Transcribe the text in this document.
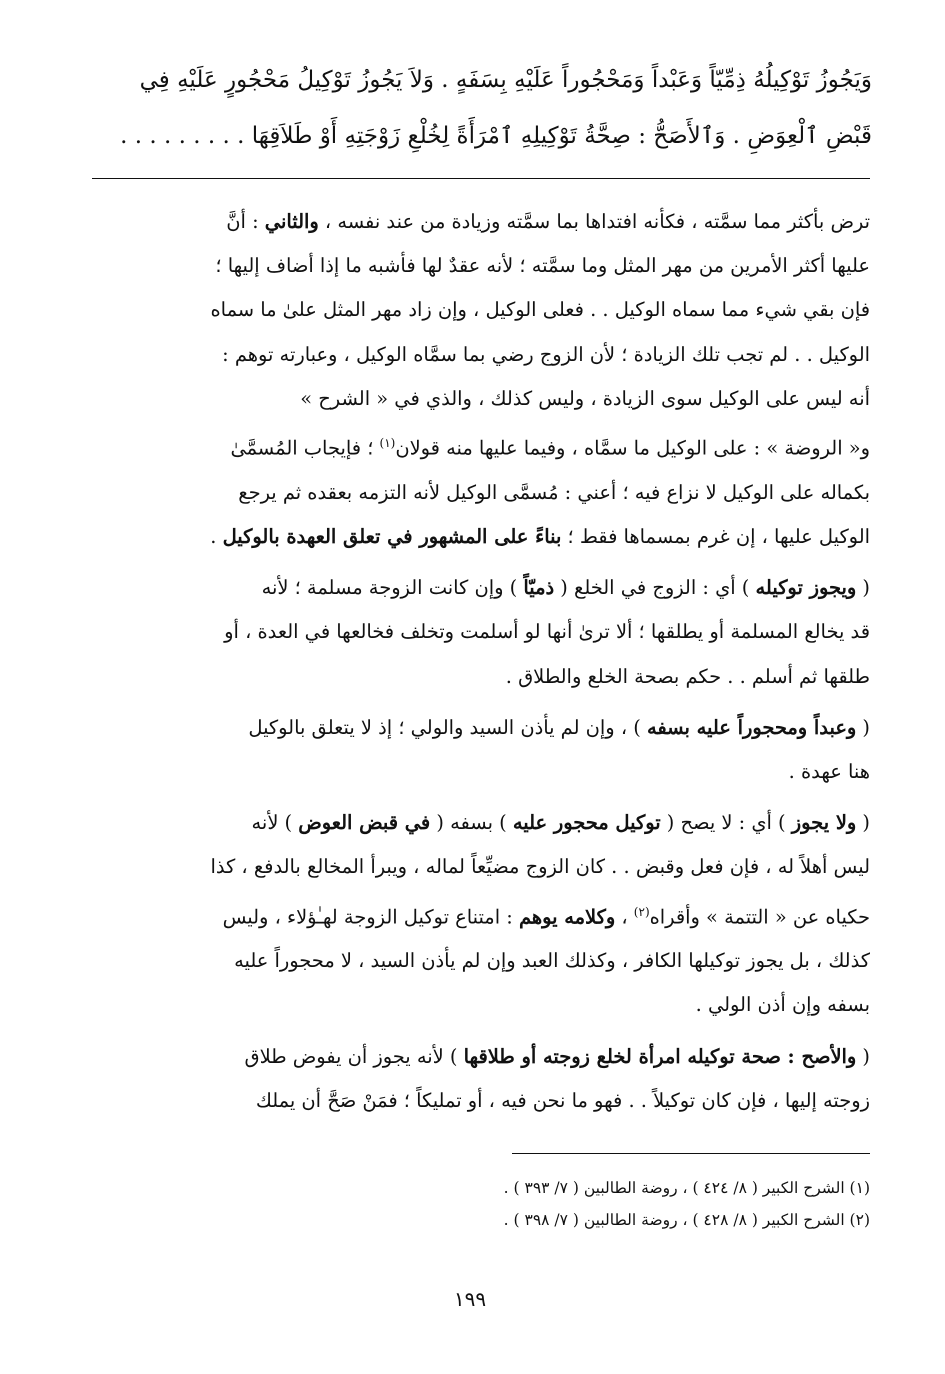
وَيَجُوزُ تَوْكِيلُهُ ذِمِّيّاً وَعَبْداً وَمَحْجُوراً عَلَيْهِ بِسَفَهٍ . وَلاَ يَجُوزُ تَوْكِيلُ مَحْجُورٍ عَلَيْهِ فِي
قَبْضِ ٱلْعِوَضِ . وَٱلأَصَحُّ : صِحَّةُ تَوْكِيلِهِ ٱمْرَأَةً لِخُلْعِ زَوْجَتِهِ أَوْ طَلاَقِهَا . . . . . . . . .
ترض بأكثر مما سمَّته ، فكأنه افتداها بما سمَّته وزيادة من عند نفسه ، والثاني : أنَّ
عليها أكثر الأمرين من مهر المثل وما سمَّته ؛ لأنه عقدٌ لها فأشبه ما إذا أضاف إليها ؛
فإن بقي شيء مما سماه الوكيل . . فعلى الوكيل ، وإن زاد مهر المثل علىٰ ما سماه
الوكيل . . لم تجب تلك الزيادة ؛ لأن الزوج رضي بما سمَّاه الوكيل ، وعبارته توهم :
أنه ليس على الوكيل سوى الزيادة ، وليس كذلك ، والذي في « الشرح »
و« الروضة » : على الوكيل ما سمَّاه ، وفيما عليها منه قولان$^{(١)}$ ؛ فإيجاب المُسمَّىٰ
بكماله على الوكيل لا نزاع فيه ؛ أعني : مُسمَّى الوكيل لأنه التزمه بعقده ثم يرجع
الوكيل عليها ، إن غرم بمسماها فقط ؛ بناءً على المشهور في تعلق العهدة بالوكيل .
( ويجوز توكيله ) أي : الزوج في الخلع ( ذميّاً ) وإن كانت الزوجة مسلمة ؛ لأنه
قد يخالع المسلمة أو يطلقها ؛ ألا ترىٰ أنها لو أسلمت وتخلف فخالعها في العدة ، أو
طلقها ثم أسلم . . حكم بصحة الخلع والطلاق .
( وعبداً ومحجوراً عليه بسفه ) ، وإن لم يأذن السيد والولي ؛ إذ لا يتعلق بالوكيل
هنا عهدة .
( ولا يجوز ) أي : لا يصح ( توكيل محجور عليه ) بسفه ( في قبض العوض ) لأنه
ليس أهلاً له ، فإن فعل وقبض . . كان الزوج مضيِّعاً لماله ، ويبرأ المخالع بالدفع ، كذا
حكياه عن « التتمة » وأقراه$^{(٢)}$ ، وكلامه يوهم : امتناع توكيل الزوجة لهـٰؤلاء ، وليس
كذلك ، بل يجوز توكيلها الكافر ، وكذلك العبد وإن لم يأذن السيد ، لا محجوراً عليه
بسفه وإن أذن الولي .
( والأصح : صحة توكيله امرأة لخلع زوجته أو طلاقها ) لأنه يجوز أن يفوض طلاق
زوجته إليها ، فإن كان توكيلاً . . فهو ما نحن فيه ، أو تمليكاً ؛ فمَنْ صَحَّ أن يملك
(١) الشرح الكبير ( ٨/ ٤٢٤ ) ، روضة الطالبين ( ٧/ ٣٩٣ ) .
(٢) الشرح الكبير ( ٨/ ٤٢٨ ) ، روضة الطالبين ( ٧/ ٣٩٨ ) .
١٩٩
